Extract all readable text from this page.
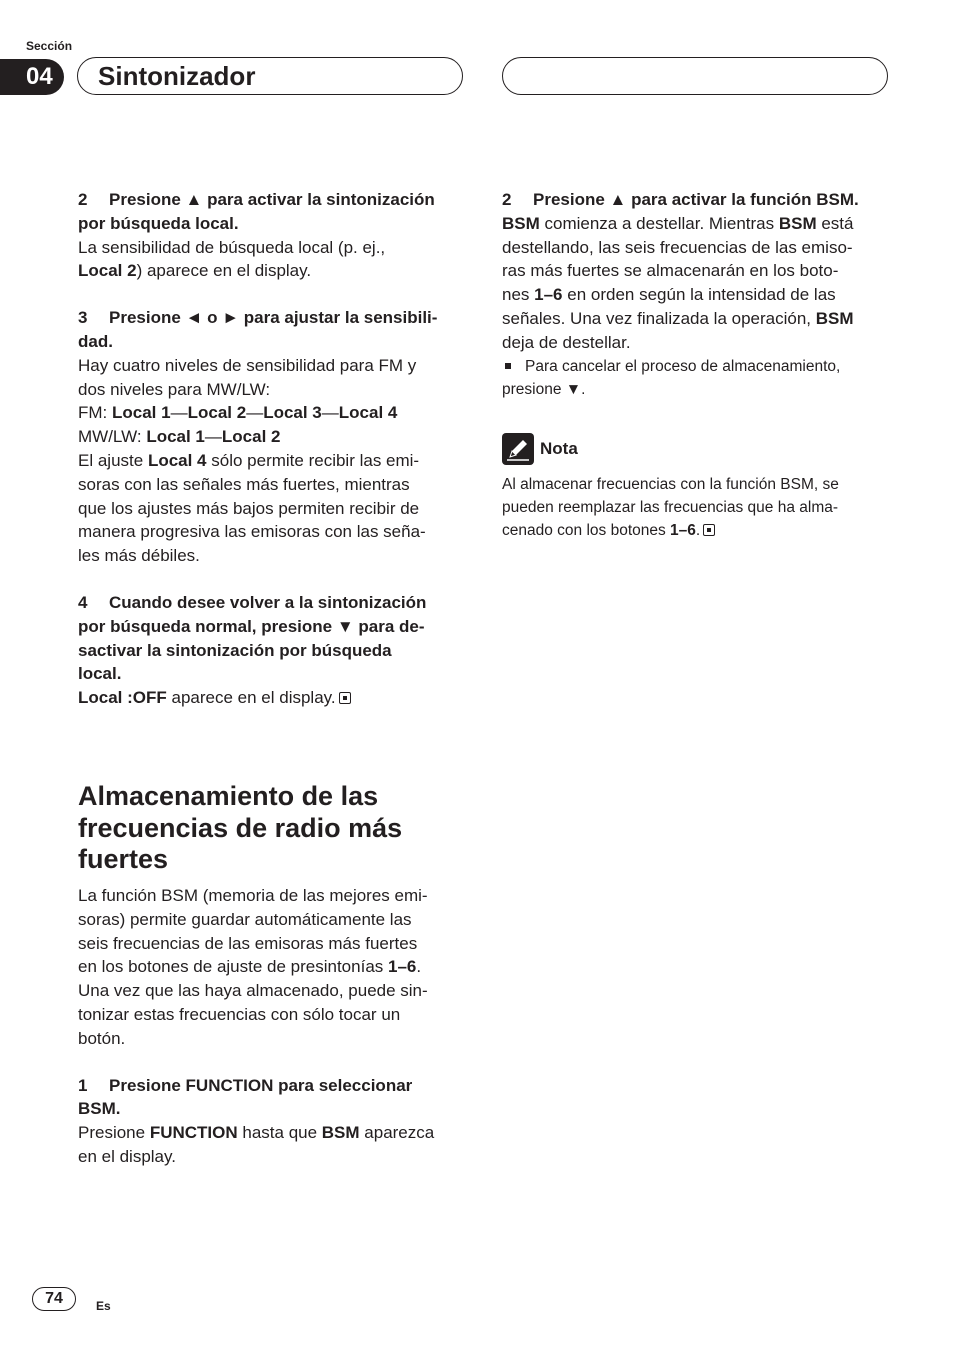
Sección
04	Sintonizador

2 Presione ▲ para activar la sintonización

por búsqueda local.

La sensibilidad de búsqueda local (p. ej.,

Local 2) aparece en el display.

3 Presione ◄ o ► para ajustar la sensibili-

dad.

Hay cuatro niveles de sensibilidad para FM y

dos niveles para MW/LW:

FM: Local 1—Local 2—Local 3—Local 4

MW/LW: Local 1—Local 2

El ajuste Local 4 sólo permite recibir las emi-

soras con las señales más fuertes, mientras

que los ajustes más bajos permiten recibir de

manera progresiva las emisoras con las seña-

les más débiles.

4 Cuando desee volver a la sintonización

por búsqueda normal, presione ▼ para de-

sactivar la sintonización por búsqueda

local.

Local :OFF aparece en el display.

Almacenamiento de las

frecuencias de radio más

fuertes

La función BSM (memoria de las mejores emi-

soras) permite guardar automáticamente las

seis frecuencias de las emisoras más fuertes

en los botones de ajuste de presintonías 1–6.

Una vez que las haya almacenado, puede sin-

tonizar estas frecuencias con sólo tocar un

botón.

1 Presione FUNCTION para seleccionar

BSM.

Presione FUNCTION hasta que BSM aparezca

en el display.

2 Presione ▲ para activar la función BSM.

BSM comienza a destellar. Mientras BSM está

destellando, las seis frecuencias de las emiso-

ras más fuertes se almacenarán en los boto-

nes 1–6 en orden según la intensidad de las

señales. Una vez finalizada la operación, BSM

deja de destellar.

Para cancelar el proceso de almacenamiento,

presione ▼.

Nota

Al almacenar frecuencias con la función BSM, se

pueden reemplazar las frecuencias que ha alma-

cenado con los botones 1–6.

74	Es
